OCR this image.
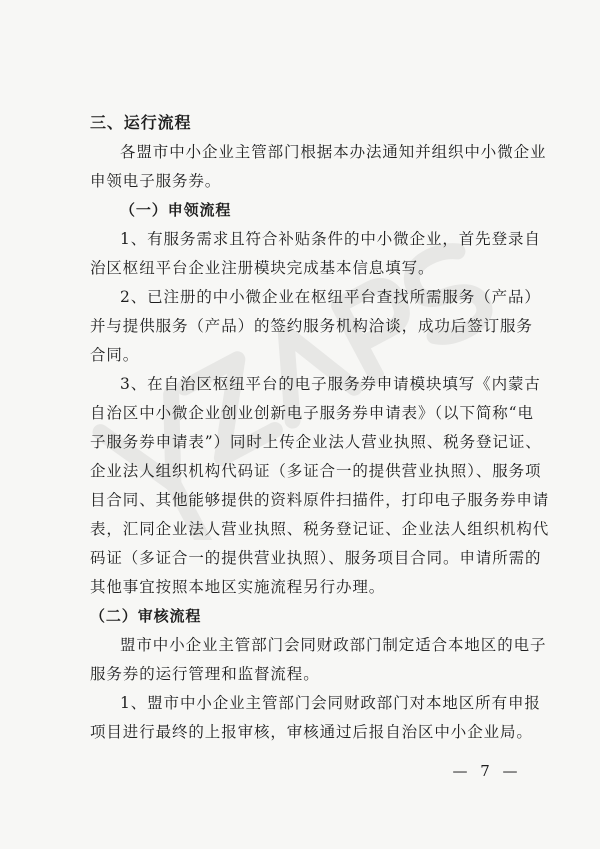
三、运行流程
各盟市中小企业主管部门根据本办法通知并组织中小微企业
申领电子服务券。
（一）申领流程
1、有服务需求且符合补贴条件的中小微企业，首先登录自
治区枢纽平台企业注册模块完成基本信息填写。
2、已注册的中小微企业在枢纽平台查找所需服务（产品）
并与提供服务（产品）的签约服务机构洽谈，成功后签订服务
合同。
3、在自治区枢纽平台的电子服务券申请模块填写《内蒙古
自治区中小微企业创业创新电子服务券申请表》（以下简称“电
子服务券申请表”）同时上传企业法人营业执照、税务登记证、
企业法人组织机构代码证（多证合一的提供营业执照）、服务项
目合同、其他能够提供的资料原件扫描件，打印电子服务券申请
表，汇同企业法人营业执照、税务登记证、企业法人组织机构代
码证（多证合一的提供营业执照）、服务项目合同。申请所需的
其他事宜按照本地区实施流程另行办理。
（二）审核流程
盟市中小企业主管部门会同财政部门制定适合本地区的电子
服务券的运行管理和监督流程。
1、盟市中小企业主管部门会同财政部门对本地区所有申报
项目进行最终的上报审核，审核通过后报自治区中小企业局。
— 7 —
